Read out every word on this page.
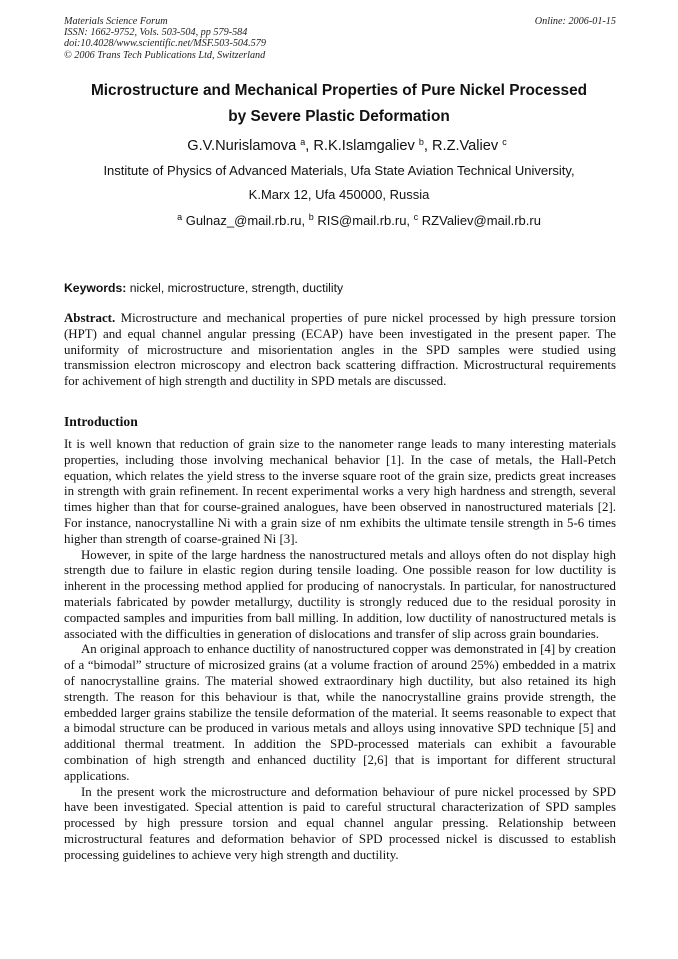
Materials Science Forum
ISSN: 1662-9752, Vols. 503-504, pp 579-584
doi:10.4028/www.scientific.net/MSF.503-504.579
© 2006 Trans Tech Publications Ltd, Switzerland
Online: 2006-01-15
Microstructure and Mechanical Properties of Pure Nickel Processed
by Severe Plastic Deformation
G.V.Nurislamova $^a$, R.K.Islamgaliev $^b$, R.Z.Valiev $^c$
Institute of Physics of Advanced Materials, Ufa State Aviation Technical University,
K.Marx 12, Ufa 450000, Russia
$^a$ Gulnaz_@mail.rb.ru, $^b$ RIS@mail.rb.ru, $^c$ RZValiev@mail.rb.ru
Keywords: nickel, microstructure, strength, ductility

Abstract. Microstructure and mechanical properties of pure nickel processed by high pressure torsion (HPT) and equal channel angular pressing (ECAP) have been investigated in the present paper. The uniformity of microstructure and misorientation angles in the SPD samples were studied using transmission electron microscopy and electron back scattering diffraction. Microstructural requirements for achivement of high strength and ductility in SPD metals are discussed.

Introduction

It is well known that reduction of grain size to the nanometer range leads to many interesting materials properties, including those involving mechanical behavior [1]. In the case of metals, the Hall-Petch equation, which relates the yield stress to the inverse square root of the grain size, predicts great increases in strength with grain refinement. In recent experimental works a very high hardness and strength, several times higher than that for course-grained analogues, have been observed in nanostructured materials [2]. For instance, nanocrystalline Ni with a grain size of nm exhibits the ultimate tensile strength in 5-6 times higher than strength of coarse-grained Ni [3].

However, in spite of the large hardness the nanostructured metals and alloys often do not display high strength due to failure in elastic region during tensile loading. One possible reason for low ductility is inherent in the processing method applied for producing of nanocrystals. In particular, for nanostructured materials fabricated by powder metallurgy, ductility is strongly reduced due to the residual porosity in compacted samples and impurities from ball milling. In addition, low ductility of nanostructured metals is associated with the difficulties in generation of dislocations and transfer of slip across grain boundaries.

An original approach to enhance ductility of nanostructured copper was demonstrated in [4] by creation of a “bimodal” structure of microsized grains (at a volume fraction of around 25%) embedded in a matrix of nanocrystalline grains. The material showed extraordinary high ductility, but also retained its high strength. The reason for this behaviour is that, while the nanocrystalline grains provide strength, the embedded larger grains stabilize the tensile deformation of the material. It seems reasonable to expect that a bimodal structure can be produced in various metals and alloys using innovative SPD technique [5] and additional thermal treatment. In addition the SPD-processed materials can exhibit a favourable combination of high strength and enhanced ductility [2,6] that is important for different structural applications.

In the present work the microstructure and deformation behaviour of pure nickel processed by SPD have been investigated. Special attention is paid to careful structural characterization of SPD samples processed by high pressure torsion and equal channel angular pressing. Relationship between microstructural features and deformation behavior of SPD processed nickel is discussed to establish processing guidelines to achieve very high strength and ductility.
